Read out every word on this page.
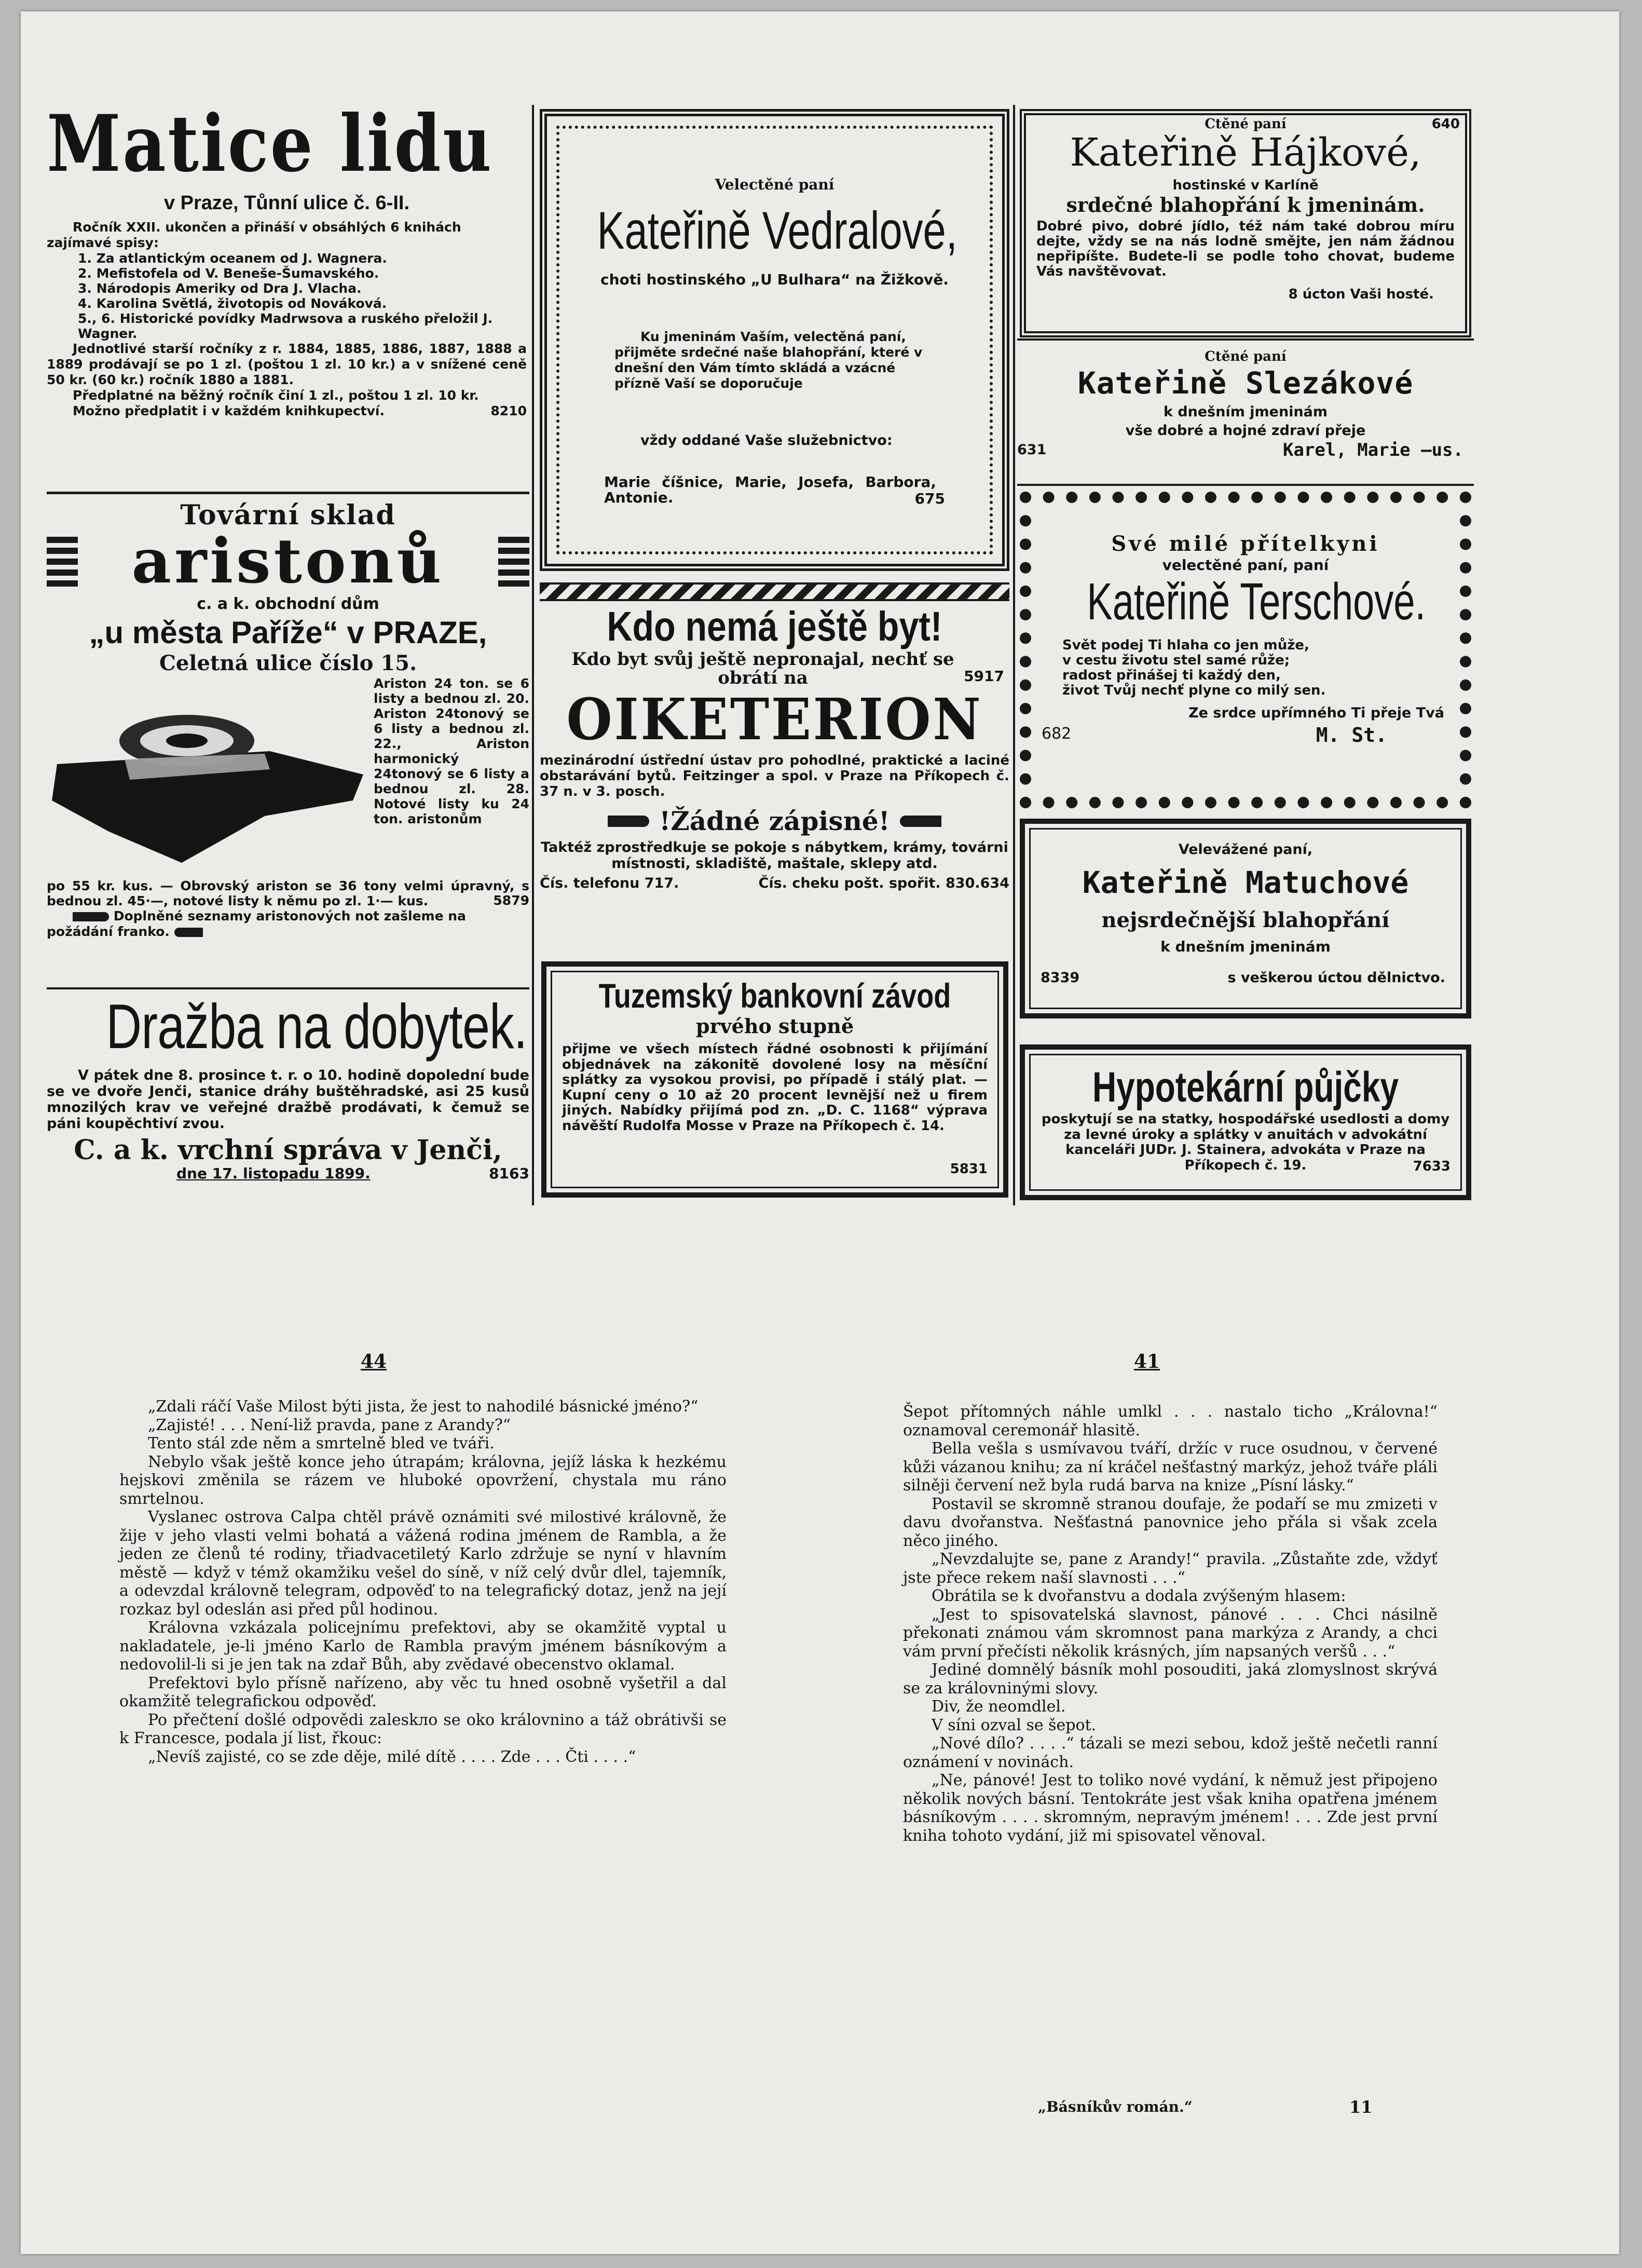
Matice lidu
v Praze, Tůnní ulice č. 6-II.
Ročník XXII. ukončen a přináší v obsáhlých 6 knihách zajímavé spisy:
1. Za atlantickým oceanem od J. Wagnera.
2. Mefistofela od V. Beneše-Šumavského.
3. Národopis Ameriky od Dra J. Vlacha.
4. Karolina Světlá, životopis od Nováková.
5., 6. Historické povídky Madrwsova a ruského přeložil J. Wagner.
Jednotlivé starší ročníky z r. 1884, 1885, 1886, 1887, 1888 a 1889 prodávají se po 1 zl. (poštou 1 zl. 10 kr.) a v snížené ceně 50 kr. (60 kr.) ročník 1880 a 1881.
Předplatné na běžný ročník činí 1 zl., poštou 1 zl. 10 kr.
8210
Možno předplatit i v každém knihkupectví.
Tovární sklad
aristonů
c. a k. obchodní dům
„u města Paříže“ v PRAZE,
Celetná ulice číslo 15.
Ariston 24 ton. se 6 listy a bednou zl. 20. Ariston 24tonový se 6 listy a bednou zl. 22., Ariston harmonický 24tonový se 6 listy a bednou zl. 28. Notové listy ku 24 ton. aristonům
po 55 kr. kus. — Obrovský ariston se 36 tony velmi úpravný, s bednou zl. 45·—, notové listy k němu po zl. 1·— kus.	5879
Doplněné seznamy aristonových not zašleme na požádání franko.
Dražba na dobytek.
V pátek dne 8. prosince t. r. o 10. hodině dopolední bude se ve dvoře Jenči, stanice dráhy buštěhradské, asi 25 kusů mnozilých krav ve veřejné dražbě prodávati, k čemuž se páni koupěchtiví zvou.
C. a k. vrchní správa v Jenči,
dne 17. listopadu 1899.	8163
Velectěné paní
Kateřině Vedralové,
choti hostinského „U Bulhara“ na Žižkově.
Ku jmeninám Vaším, velectěná paní, přijměte srdečné naše blahopřání, které v dnešní den Vám tímto skládá a vzácné přízně Vaší se doporučuje
vždy oddané Vaše služebnictvo:
Marie číšnice, Marie, Josefa, Barbora, Antonie.	675
Kdo nemá ještě byt!
Kdo byt svůj ještě nepronajal, nechť se obrátí na	5917
OIKETERION
mezinárodní ústřední ústav pro pohodlné, praktické a laciné obstarávání bytů. Feitzinger a spol. v Praze na Příkopech č. 37 n. v 3. posch.
!Žádné zápisné!
Taktéž zprostředkuje se pokoje s nábytkem, krámy, továrni místnosti, skladiště, maštale, sklepy atd.
Čís. telefonu 717.	Čís. cheku pošt. spořit. 830.634
Tuzemský bankovní závod
prvého stupně
přijme ve všech místech řádné osobnosti k přijímání objednávek na zákonitě dovolené losy na měsíční splátky za vysokou provisi, po případě i stálý plat. — Kupní ceny o 10 až 20 procent levnější než u firem jiných. Nabídky přijímá pod zn. „D. C. 1168“ výprava návěští Rudolfa Mosse v Praze na Příkopech č. 14.
5831
Ctěné paní	640
Kateřině Hájkové,
hostinské v Karlíně
srdečné blahopřání k jmeninám.
Dobré pivo, dobré jídlo, též nám také dobrou míru dejte, vždy se na nás lodně smějte, jen nám žádnou nepřipíšte. Budete-li se podle toho chovat, budeme Vás navštěvovat.
8 úcton Vaši hosté.
Ctěné paní
Kateřině Slezákové
k dnešním jmeninám
vše dobré a hojné zdraví přeje
631	Karel, Marie —us.
Své milé přítelkyni
velectěné paní, paní
Kateřině Terschové.
Svět podej Ti hlaha co jen může,
v cestu životu stel samé růže;
radost přinášej ti každý den,
život Tvůj nechť plyne co milý sen.
Ze srdce upřímného Ti přeje Tvá
682	M. St.
Velevážené paní,
Kateřině Matuchové
nejsrdečnější blahopřání
k dnešním jmeninám
8339	s veškerou úctou dělnictvo.
Hypotekární půjčky
poskytují se na statky, hospodářské usedlosti a domy za levné úroky a splátky v anuitách v advokátní kanceláři JUDr. J. Stainera, advokáta v Praze na Příkopech č. 19.	7633
44	41

„Zdali ráčí Vaše Milost býti jista, že jest to nahodilé básnické jméno?“

„Zajisté! . . . Není-liž pravda, pane z Arandy?“

Tento stál zde něm a smrtelně bled ve tváři.

Nebylo však ještě konce jeho útrapám; královna, jejíž láska k hezkému hejskovi změnila se rázem ve hluboké opovržení, chystala mu ráno smrtelnou.

Vyslanec ostrova Calpa chtěl právě oznámiti své milostivé královně, že žije v jeho vlasti velmi bohatá a vážená rodina jménem de Rambla, a že jeden ze členů té rodiny, třiadvacetiletý Karlo zdržuje se nyní v hlavním městě — když v témž okamžiku vešel do síně, v níž celý dvůr dlel, tajemník, a odevzdal královně telegram, odpověď to na telegrafický dotaz, jenž na její rozkaz byl odeslán asi před půl hodinou.

Královna vzkázala policejnímu prefektovi, aby se okamžitě vyptal u nakladatele, je-li jméno Karlo de Rambla pravým jménem básníkovým a nedovolil-li si je jen tak na zdař Bůh, aby zvědavé obecenstvo oklamal.

Prefektovi bylo přísně nařízeno, aby věc tu hned osobně vyšetřil a dal okamžitě telegrafickou odpověď.

Po přečtení došlé odpovědi zaleskло se oko královnino a táž obrátivši se k Francesce, podala jí list, řkouc:

„Nevíš zajisté, co se zde děje, milé dítě . . . . Zde . . . Čti . . . .“

Šepot přítomných náhle umlkl . . . nastalo ticho „Královna!“ oznamoval ceremonář hlasitě.

Bella vešla s usmívavou tváří, držíc v ruce osudnou, v červené kůži vázanou knihu; za ní kráčel nešťastný markýz, jehož tváře pláli silněji červení než byla rudá barva na knize „Písní lásky.“

Postavil se skromně stranou doufaje, že podaří se mu zmizeti v davu dvořanstva. Nešťastná panovnice jeho přála si však zcela něco jiného.

„Nevzdalujte se, pane z Arandy!“ pravila. „Zůstaňte zde, vždyť jste přece rekem naší slavnosti . . .“

Obrátila se k dvořanstvu a dodala zvýšeným hlasem:

„Jest to spisovatelská slavnost, pánové . . . Chci násilně překonati známou vám skromnost pana markýza z Arandy, a chci vám první přečísti několik krásných, jím napsaných veršů . . .“

Jediné domnělý básník mohl posouditi, jaká zlomyslnost skrývá se za královninými slovy.

Div, že neomdlel.

V síni ozval se šepot.

„Nové dílo? . . . .“ tázali se mezi sebou, kdož ještě nečetli ranní oznámení v novinách.

„Ne, pánové! Jest to toliko nové vydání, k němuž jest připojeno několik nových básní. Tentokráte jest však kniha opatřena jménem básníkovým . . . . skromným, nepravým jménem! . . . Zde jest první kniha tohoto vydání, již mi spisovatel věnoval.

„Básníkův román.“	11
